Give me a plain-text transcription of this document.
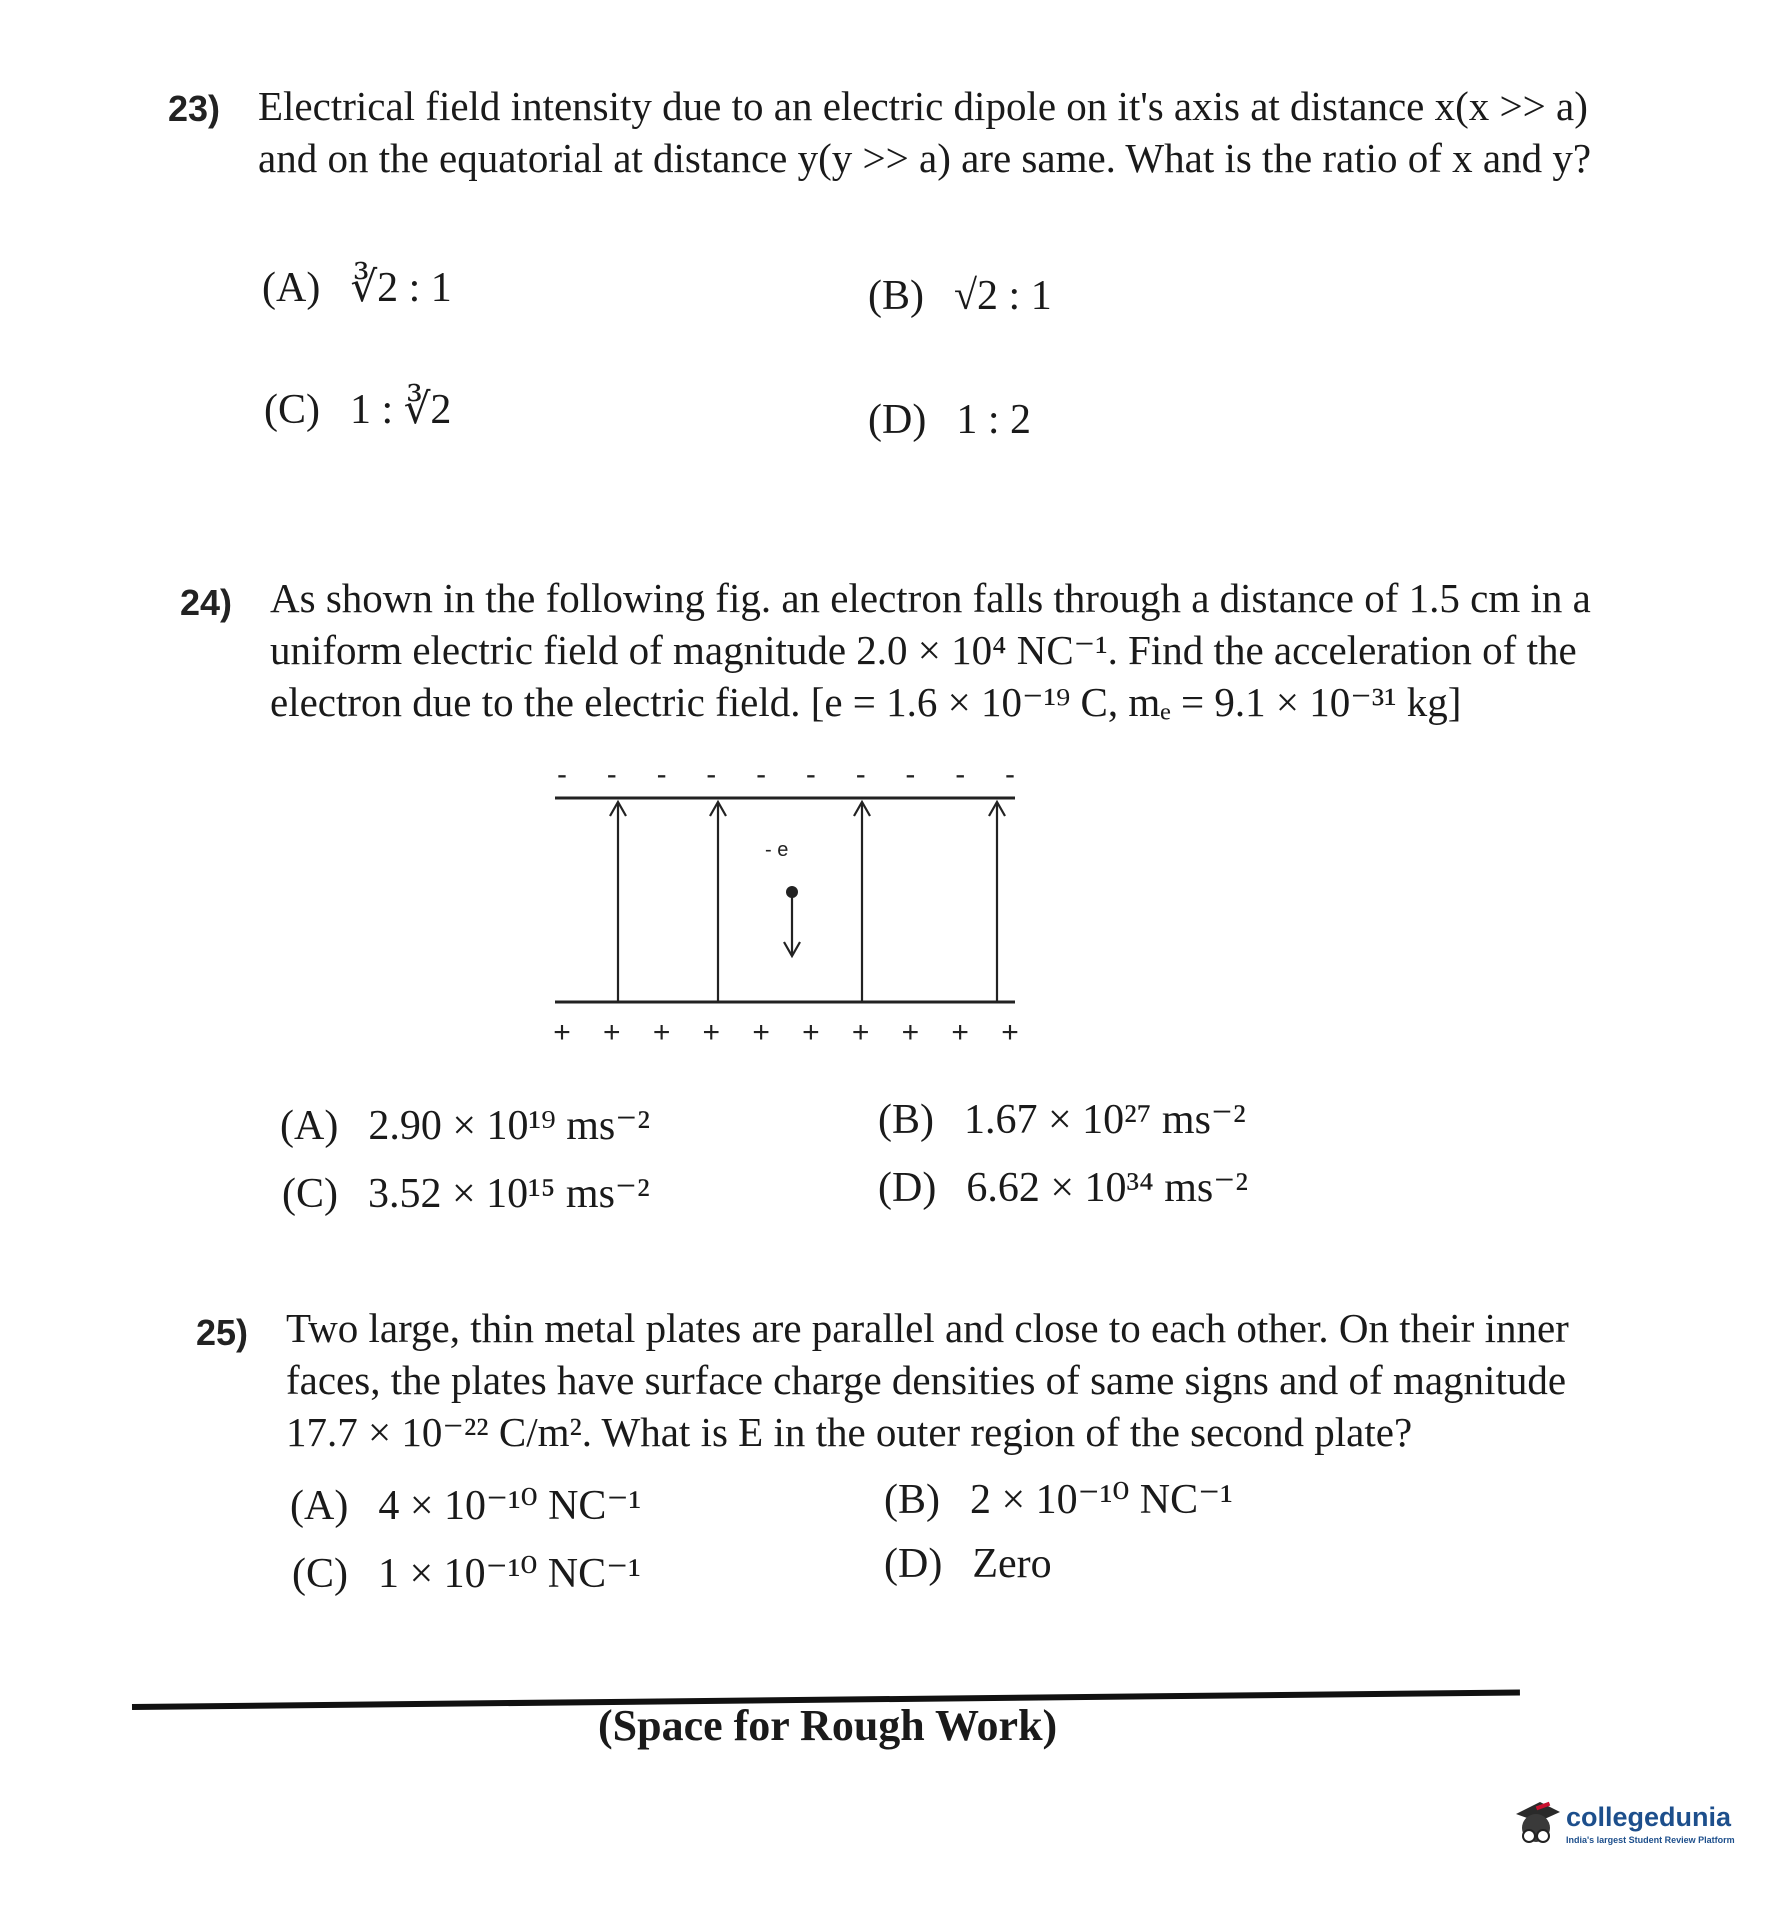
23) Electrical field intensity due to an electric dipole on it's axis at distance x(x >> a)

and on the equatorial at distance y(y >> a) are same. What is the ratio of x and y?

(A) ∛2 : 1	(B) √2 : 1
(C) 1 : ∛2	(D) 1 : 2
24) As shown in the following fig. an electron falls through a distance of 1.5 cm in a

uniform electric field of magnitude 2.0 × 10⁴ NC⁻¹. Find the acceleration of the

electron due to the electric field. [e = 1.6 × 10⁻¹⁹ C, mₑ = 9.1 × 10⁻³¹ kg]

- - - - - - - - - -
- e
+ + + + + + + + + +
(A) 2.90 × 10¹⁹ ms⁻²	(B) 1.67 × 10²⁷ ms⁻²
(C) 3.52 × 10¹⁵ ms⁻²	(D) 6.62 × 10³⁴ ms⁻²
25) Two large, thin metal plates are parallel and close to each other. On their inner

faces, the plates have surface charge densities of same signs and of magnitude

17.7 × 10⁻²² C/m². What is E in the outer region of the second plate?

(A) 4 × 10⁻¹⁰ NC⁻¹	(B) 2 × 10⁻¹⁰ NC⁻¹
(C) 1 × 10⁻¹⁰ NC⁻¹	(D) Zero
(Space for Rough Work)
collegedunia
India's largest Student Review Platform
